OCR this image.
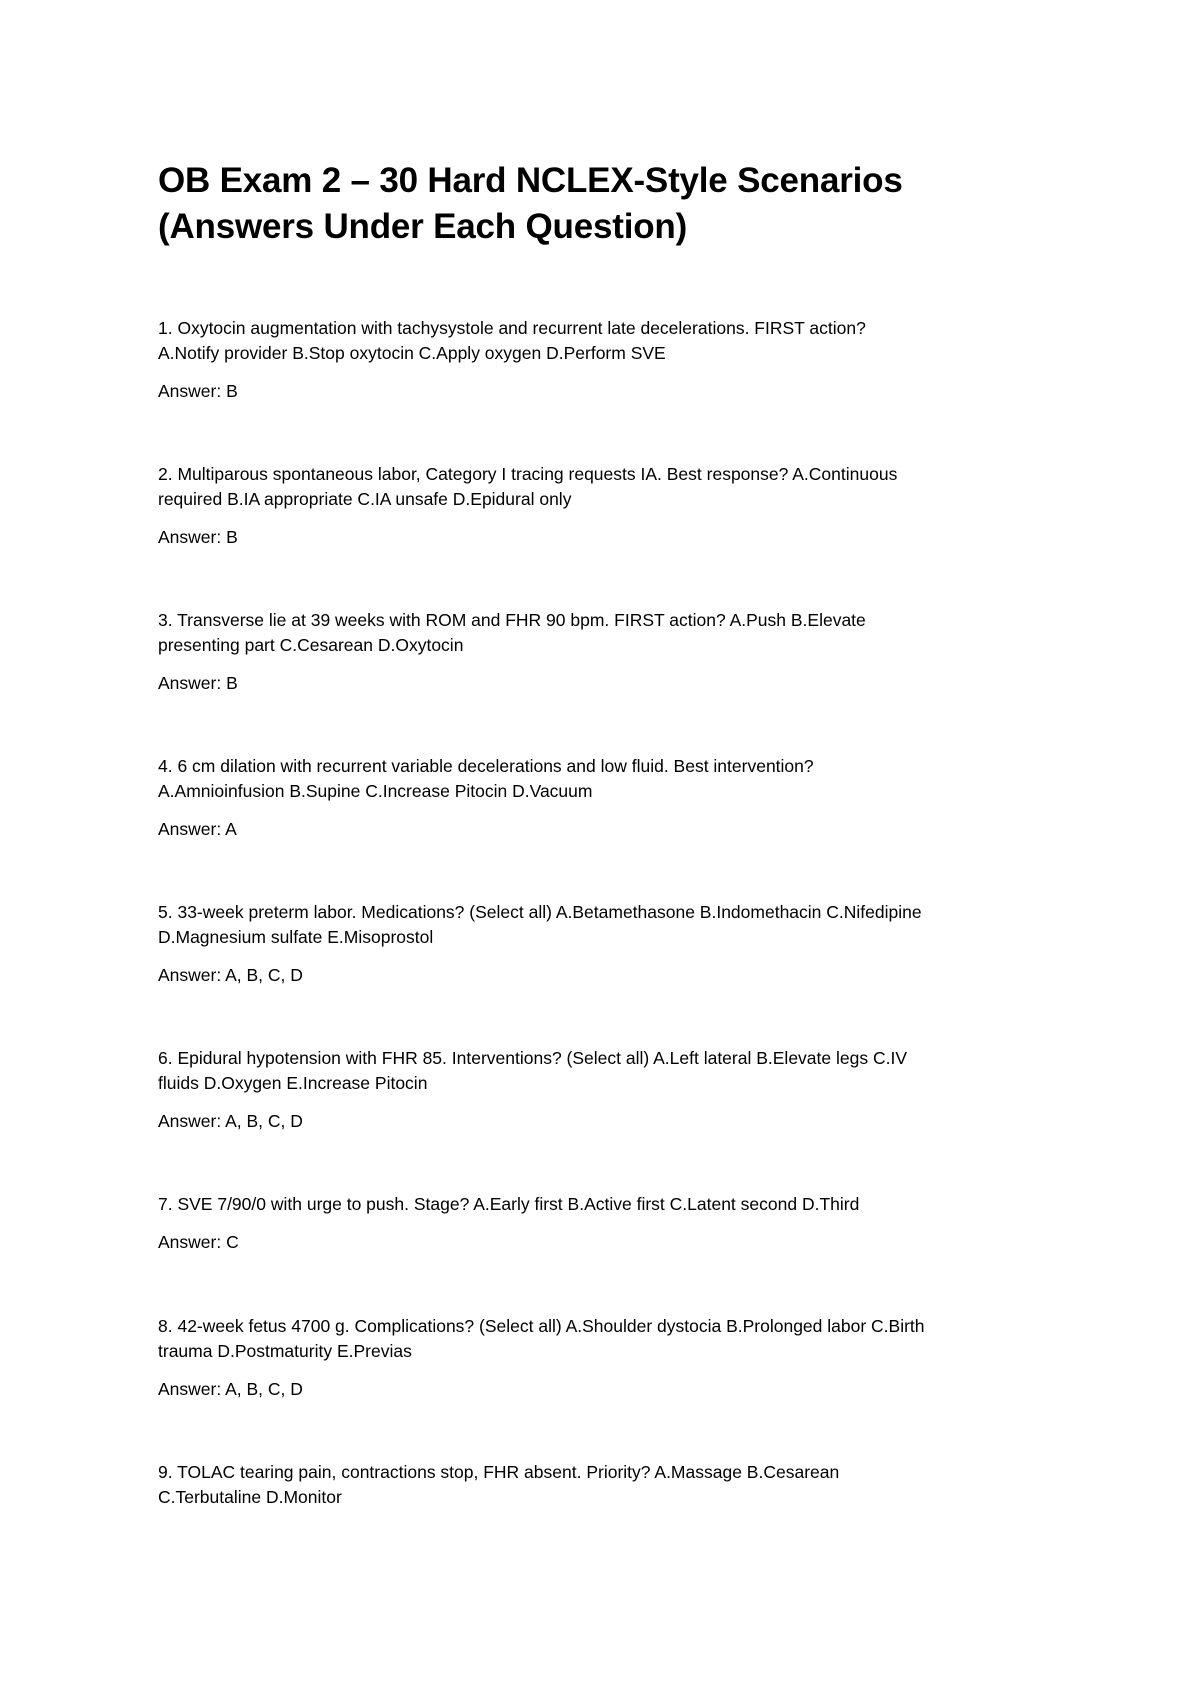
OB Exam 2 – 30 Hard NCLEX-Style Scenarios
(Answers Under Each Question)

1. Oxytocin augmentation with tachysystole and recurrent late decelerations. FIRST action?
A.Notify provider B.Stop oxytocin C.Apply oxygen D.Perform SVE

Answer: B

2. Multiparous spontaneous labor, Category I tracing requests IA. Best response? A.Continuous
required B.IA appropriate C.IA unsafe D.Epidural only

Answer: B

3. Transverse lie at 39 weeks with ROM and FHR 90 bpm. FIRST action? A.Push B.Elevate
presenting part C.Cesarean D.Oxytocin

Answer: B

4. 6 cm dilation with recurrent variable decelerations and low fluid. Best intervention?
A.Amnioinfusion B.Supine C.Increase Pitocin D.Vacuum

Answer: A

5. 33-week preterm labor. Medications? (Select all) A.Betamethasone B.Indomethacin C.Nifedipine
D.Magnesium sulfate E.Misoprostol

Answer: A, B, C, D

6. Epidural hypotension with FHR 85. Interventions? (Select all) A.Left lateral B.Elevate legs C.IV
fluids D.Oxygen E.Increase Pitocin

Answer: A, B, C, D

7. SVE 7/90/0 with urge to push. Stage? A.Early first B.Active first C.Latent second D.Third

Answer: C

8. 42-week fetus 4700 g. Complications? (Select all) A.Shoulder dystocia B.Prolonged labor C.Birth
trauma D.Postmaturity E.Previas

Answer: A, B, C, D

9. TOLAC tearing pain, contractions stop, FHR absent. Priority? A.Massage B.Cesarean
C.Terbutaline D.Monitor
